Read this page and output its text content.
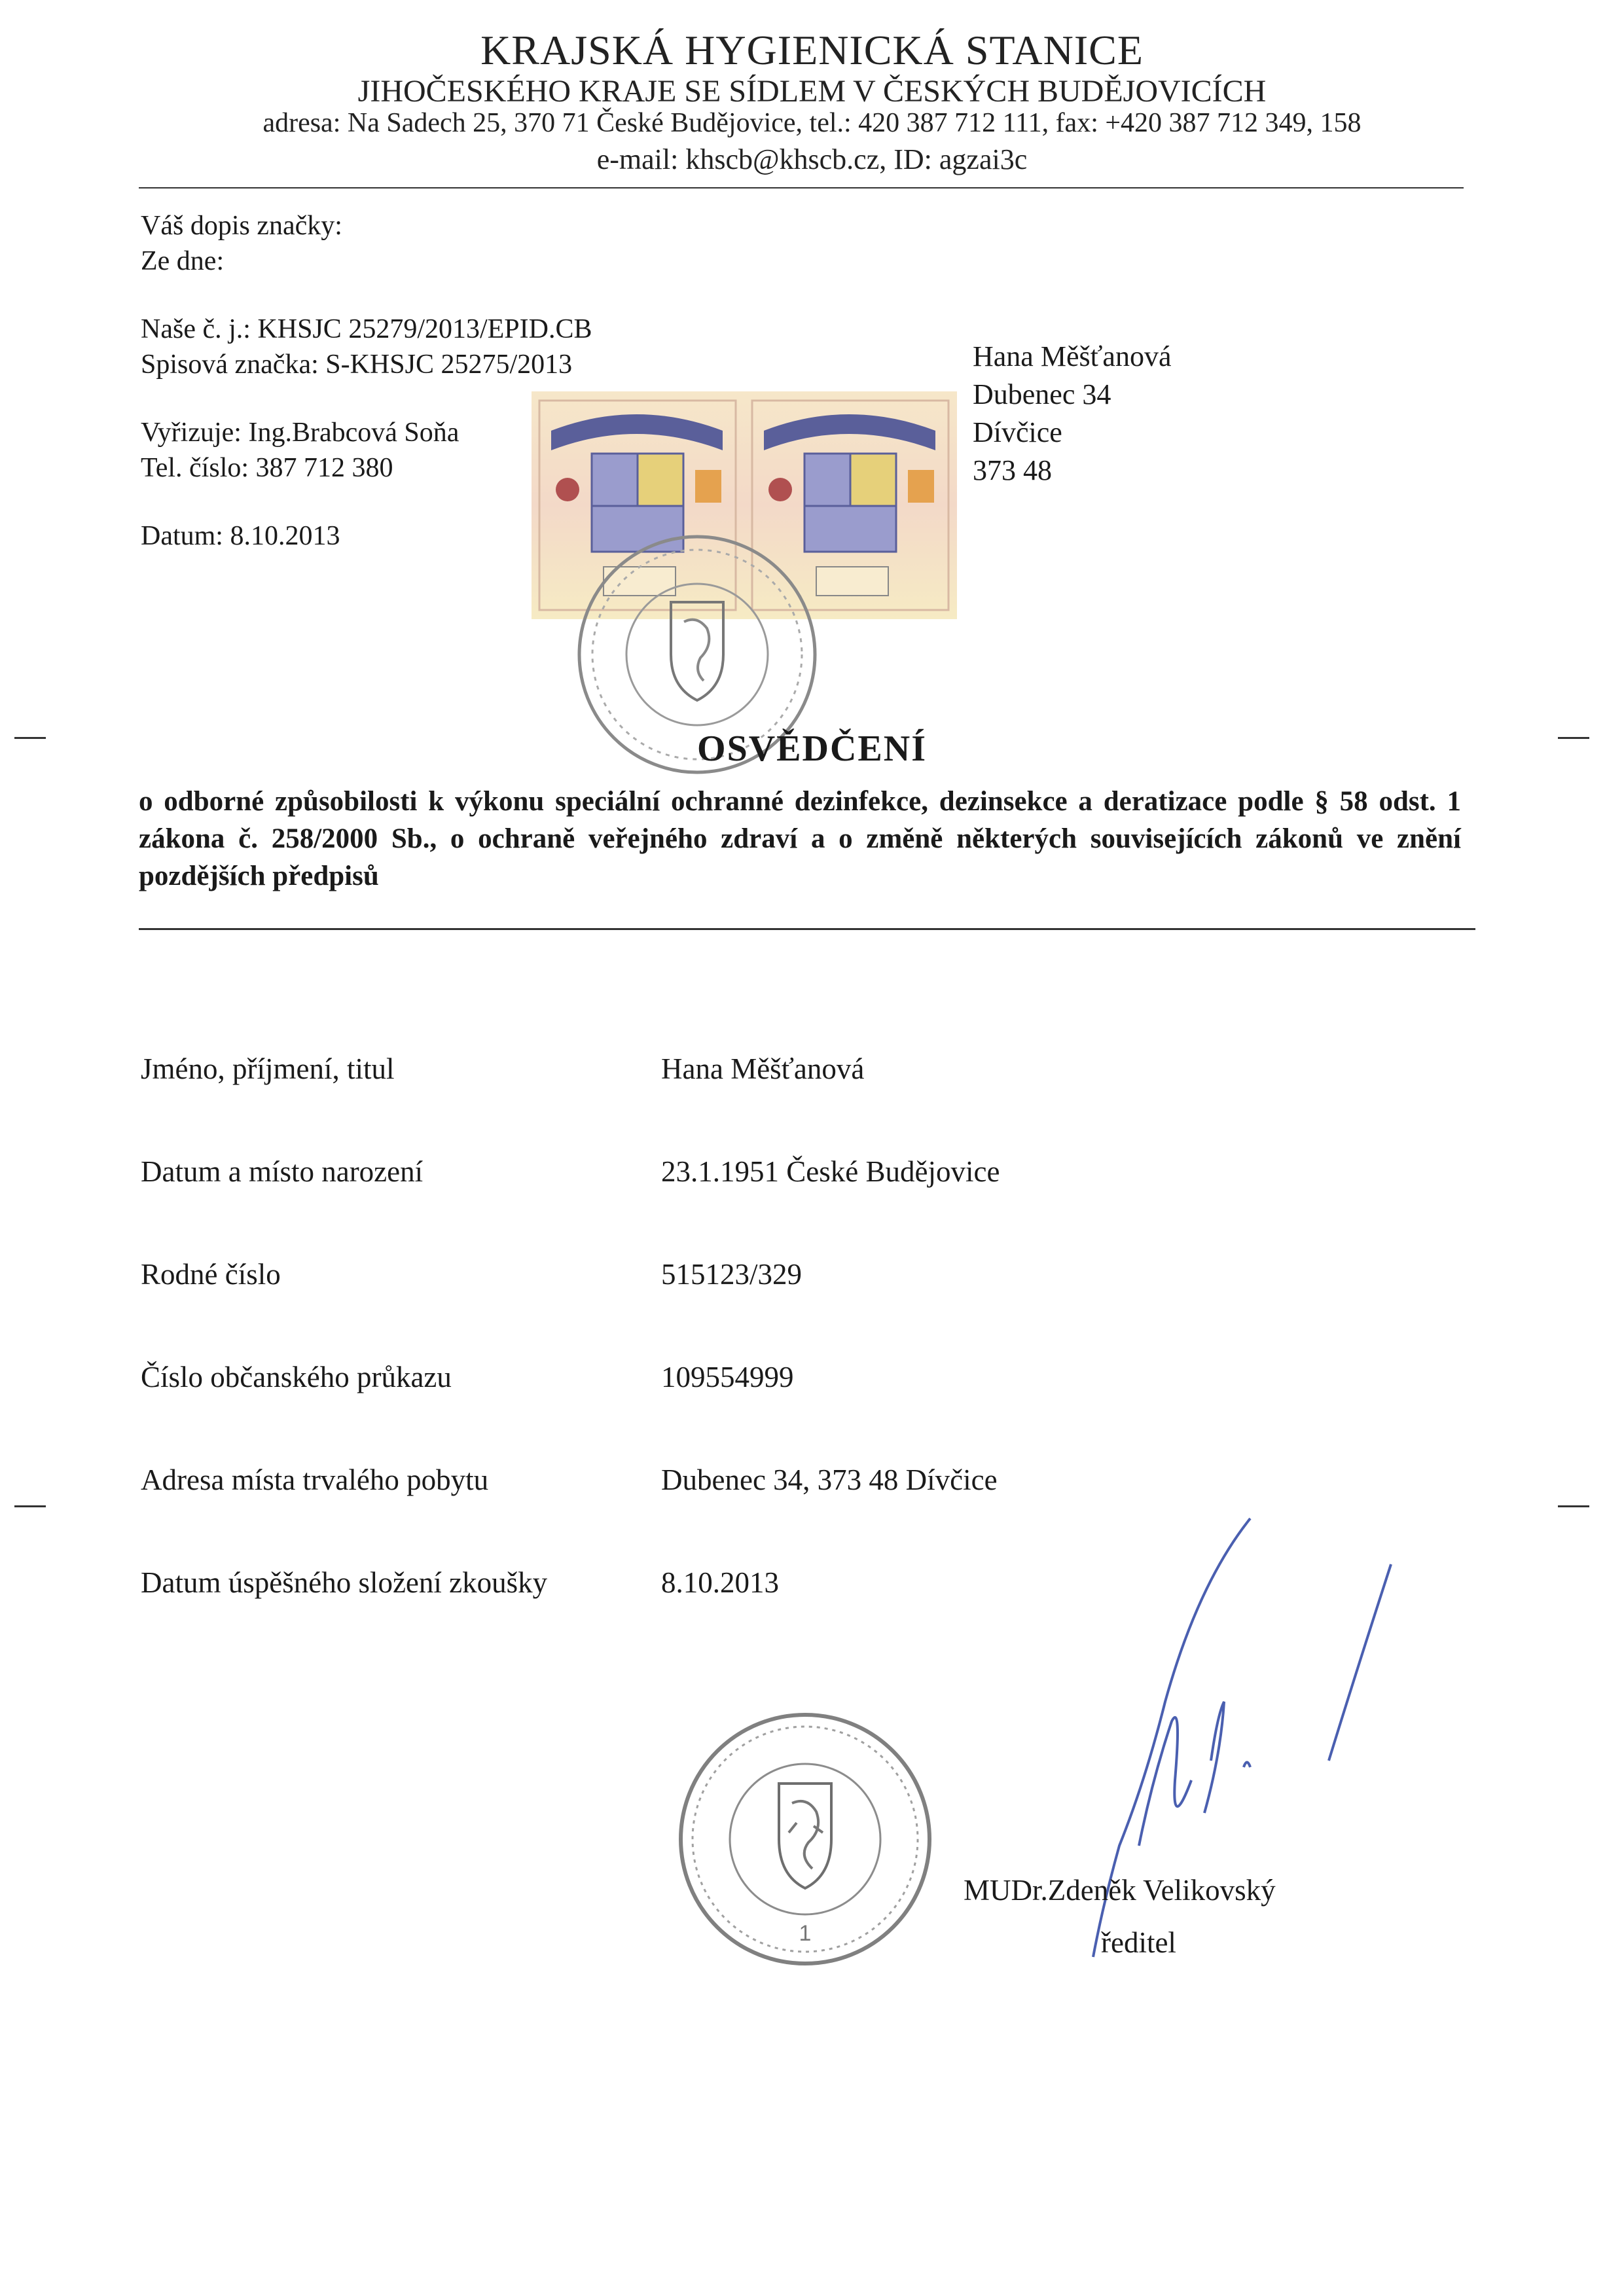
KRAJSKÁ HYGIENICKÁ STANICE
JIHOČESKÉHO KRAJE SE SÍDLEM V ČESKÝCH BUDĚJOVICÍCH
adresa: Na Sadech 25, 370 71 České Budějovice, tel.: 420 387 712 111, fax: +420 387 712 349, 158
e-mail: khscb@khscb.cz, ID: agzai3c
Váš dopis značky:
Ze dne:
Naše č. j.: KHSJC 25279/2013/EPID.CB
Spisová značka: S-KHSJC 25275/2013
Vyřizuje: Ing.Brabcová Soňa
Tel. číslo: 387 712 380
Datum: 8.10.2013
Hana Měšťanová
Dubenec 34
Dívčice
373 48
OSVĚDČENÍ
o odborné způsobilosti k výkonu speciální ochranné dezinfekce, dezinsekce a deratizace podle § 58 odst. 1 zákona č. 258/2000 Sb., o ochraně veřejného zdraví a o změně některých souvisejících zákonů ve znění pozdějších předpisů
Jméno, příjmení, titul	Hana Měšťanová
Datum a místo narození	23.1.1951 České Budějovice
Rodné číslo	515123/329
Číslo občanského průkazu	109554999
Adresa místa trvalého pobytu	Dubenec 34, 373 48 Dívčice
Datum úspěšného složení zkoušky	8.10.2013
1
MUDr.Zdeněk Velikovský
ředitel
